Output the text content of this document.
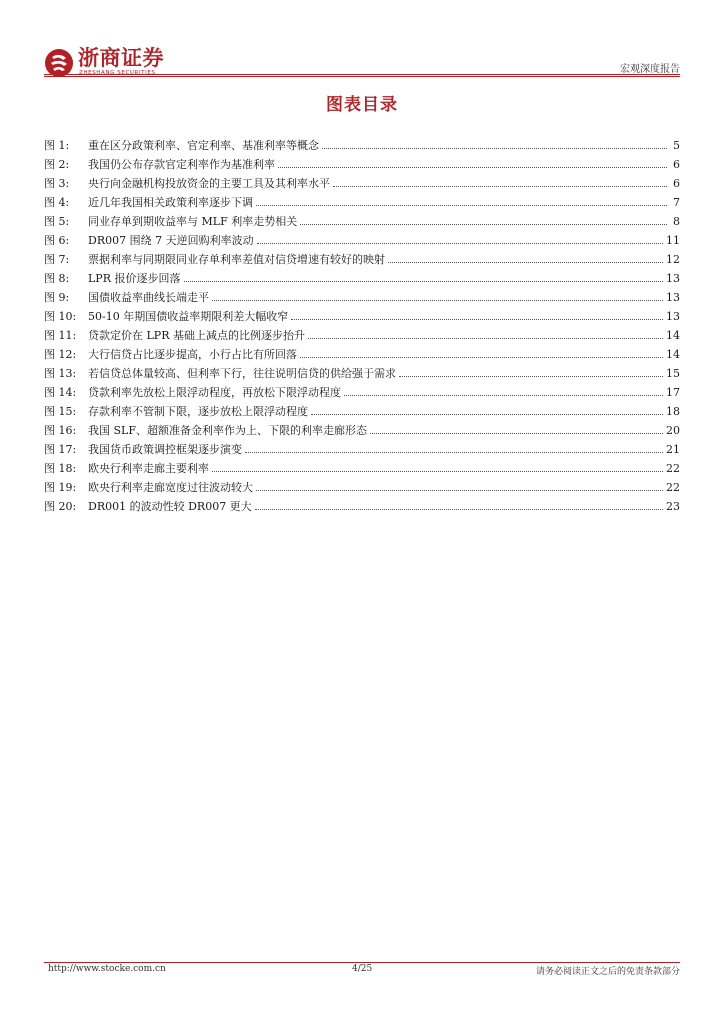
浙商证券
ZHESHANG SECURITIES	宏观深度报告
图表目录
图 1:	重在区分政策利率、官定利率、基准利率等概念	5
图 2:	我国仍公布存款官定利率作为基准利率	6
图 3:	央行向金融机构投放资金的主要工具及其利率水平	6
图 4:	近几年我国相关政策利率逐步下调	7
图 5:	同业存单到期收益率与 MLF 利率走势相关	8
图 6:	DR007 围绕 7 天逆回购利率波动	11
图 7:	票据利率与同期限同业存单利率差值对信贷增速有较好的映射	12
图 8:	LPR 报价逐步回落	13
图 9:	国债收益率曲线长端走平	13
图 10:	50-10 年期国债收益率期限利差大幅收窄	13
图 11:	贷款定价在 LPR 基础上减点的比例逐步抬升	14
图 12:	大行信贷占比逐步提高，小行占比有所回落	14
图 13:	若信贷总体量较高、但利率下行，往往说明信贷的供给强于需求	15
图 14:	贷款利率先放松上限浮动程度，再放松下限浮动程度	17
图 15:	存款利率不管制下限，逐步放松上限浮动程度	18
图 16:	我国 SLF、超额准备金利率作为上、下限的利率走廊形态	20
图 17:	我国货币政策调控框架逐步演变	21
图 18:	欧央行利率走廊主要利率	22
图 19:	欧央行利率走廊宽度过往波动较大	22
图 20:	DR001 的波动性较 DR007 更大	23
http://www.stocke.com.cn	4/25	请务必阅读正文之后的免责条款部分
